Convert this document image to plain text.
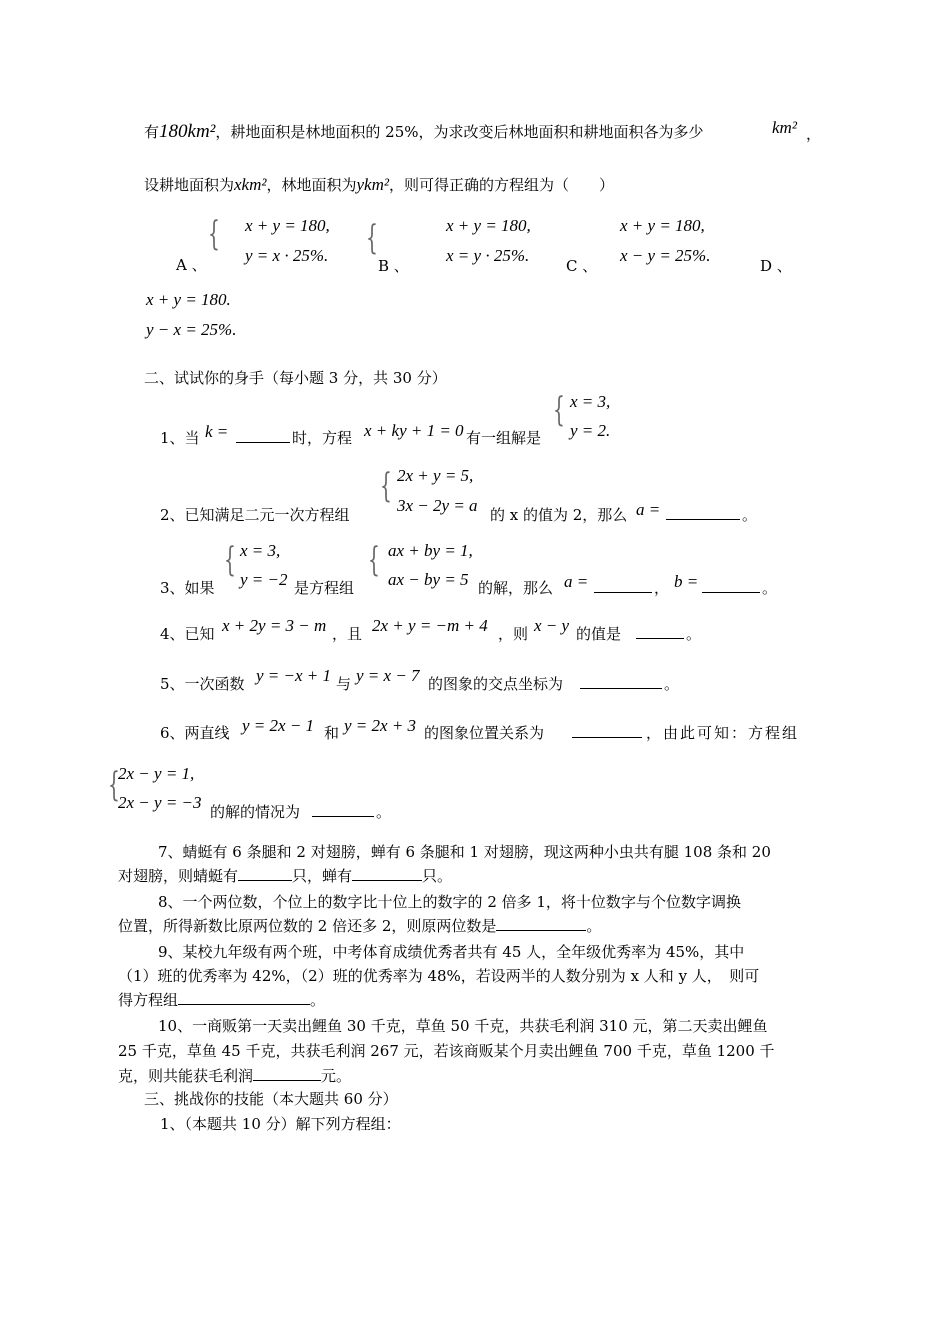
有180km²，耕地面积是林地面积的 25%，为求改变后林地面积和耕地面积各为多少	km² ，
设耕地面积为xkm²，林地面积为ykm²，则可得正确的方程组为（　　）
A 、
{ x + y = 180,
y = x · 25%. {
B 、
x + y = 180,
x = y · 25%.
C 、
x + y = 180,
x − y = 25%.
D 、
x + y = 180.
y − x = 25%.
二、试试你的身手（每小题 3 分，共 30 分）
1、当 k =	时，方程 x + ky + 1 = 0 有一组解是
{ x = 3,
y = 2.
2、已知满足二元一次方程组
{ 2x + y = 5,
3x − 2y = a 的 x 的值为 2，那么 a =	。
3、如果
{ x = 3,
y = −2 是方程组
{ ax + by = 1,
ax − by = 5 的解，那么 a =	， b =	。
4、已知 x + 2y = 3 − m ，且 2x + y = −m + 4 ，则 x − y 的值是	。
5、一次函数 y = −x + 1 与 y = x − 7 的图象的交点坐标为	。
6、两直线 y = 2x − 1 和 y = 2x + 3 的图象位置关系为	，由此可知：方程组
{
2x − y = 1,
2x − y = −3 的解的情况为	。
7、蜻蜓有 6 条腿和 2 对翅膀，蝉有 6 条腿和 1 对翅膀，现这两种小虫共有腿 108 条和 20
对翅膀，则蜻蜓有	只，蝉有	只。
8、一个两位数，个位上的数字比十位上的数字的 2 倍多 1，将十位数字与个位数字调换
位置，所得新数比原两位数的 2 倍还多 2，则原两位数是	。
9、某校九年级有两个班，中考体育成绩优秀者共有 45 人，全年级优秀率为 45%，其中
（1）班的优秀率为 42%，（2）班的优秀率为 48%，若设两半的人数分别为 x 人和 y 人，　则可
得方程组	。
10、一商贩第一天卖出鲤鱼 30 千克，草鱼 50 千克，共获毛利润 310 元，第二天卖出鲤鱼
25 千克，草鱼 45 千克，共获毛利润 267 元，若该商贩某个月卖出鲤鱼 700 千克，草鱼 1200 千
克，则共能获毛利润	元。
三、挑战你的技能（本大题共 60 分）
1、（本题共 10 分）解下列方程组：
